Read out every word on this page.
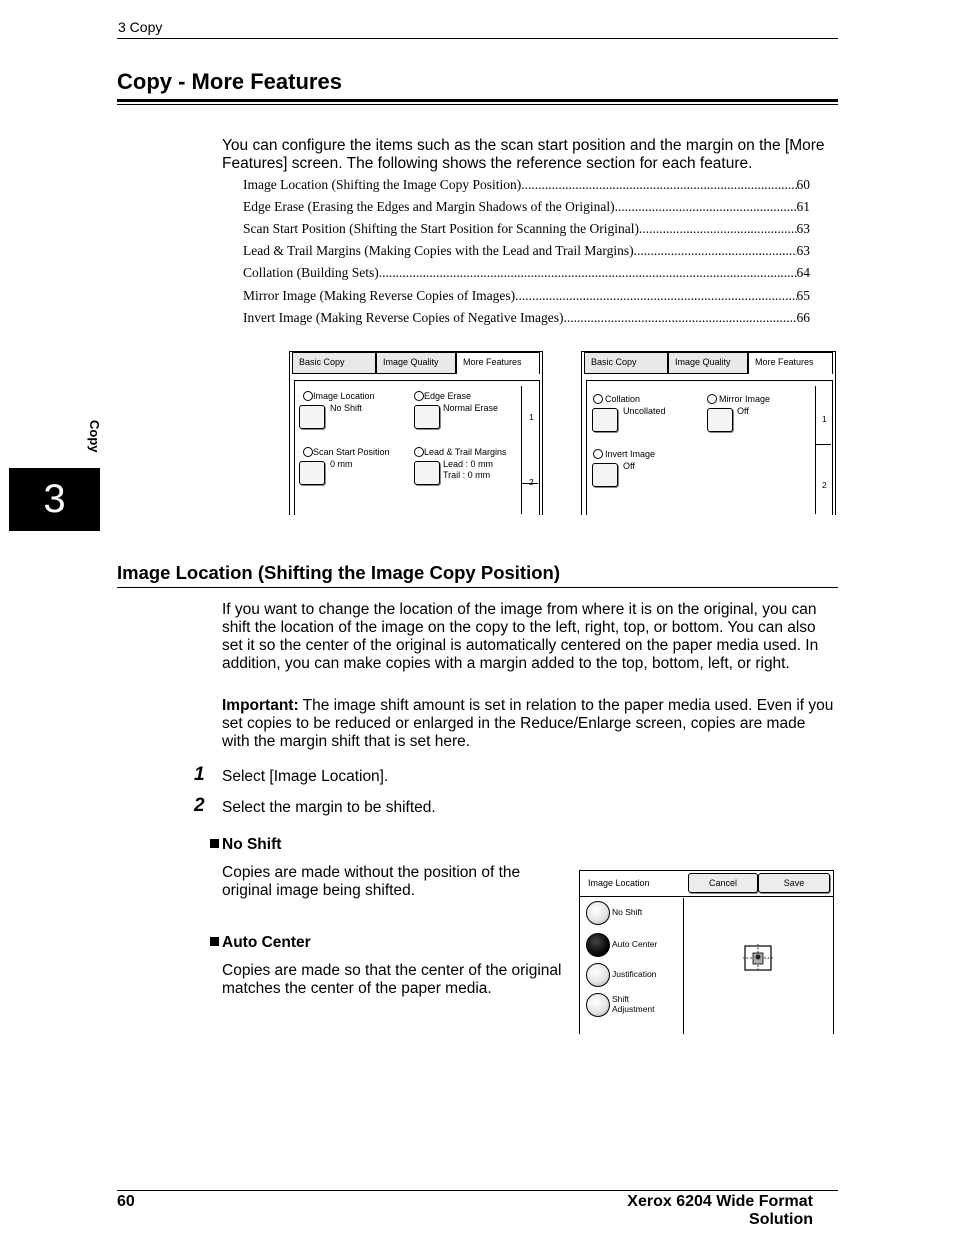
3 Copy
Copy - More Features
Copy
3
You can configure the items such as the scan start position and the margin on the [More Features] screen. The following shows the reference section for each feature.
Image Location (Shifting the Image Copy Position) .....	60
Edge Erase (Erasing the Edges and Margin Shadows of the Original) .....	61
Scan Start Position (Shifting the Start Position for Scanning the Original) .....	63
Lead & Trail Margins (Making Copies with the Lead and Trail Margins) .....	63
Collation (Building Sets) .....	64
Mirror Image (Making Reverse Copies of Images) .....	65
Invert Image (Making Reverse Copies of Negative Images) .....	66
Basic Copy	Image Quality	More Features
1
2
Image Location
No Shift
Edge Erase
Normal Erase
Scan Start Position
0 mm
Lead & Trail Margins
Lead : 0 mm
Trail : 0 mm
Basic Copy	Image Quality	More Features
1
2
Collation
Uncollated
Mirror Image
Off
Invert Image
Off
Image Location (Shifting the Image Copy Position)
If you want to change the location of the image from where it is on the original, you can shift the location of the image on the copy to the left, right, top, or bottom. You can also set it so the center of the original is automatically centered on the paper media used. In addition, you can make copies with a margin added to the top, bottom, left, or right.
Important: The image shift amount is set in relation to the paper media used. Even if you set copies to be reduced or enlarged in the Reduce/Enlarge screen, copies are made with the margin shift that is set here.
1 Select [Image Location].
2 Select the margin to be shifted.
No Shift
Copies are made without the position of the original image being shifted.
Auto Center
Copies are made so that the center of the original matches the center of the paper media.
Image Location	Cancel	Save
No Shift
Auto Center
Justification
Shift Adjustment
60	Xerox 6204 Wide Format Solution
